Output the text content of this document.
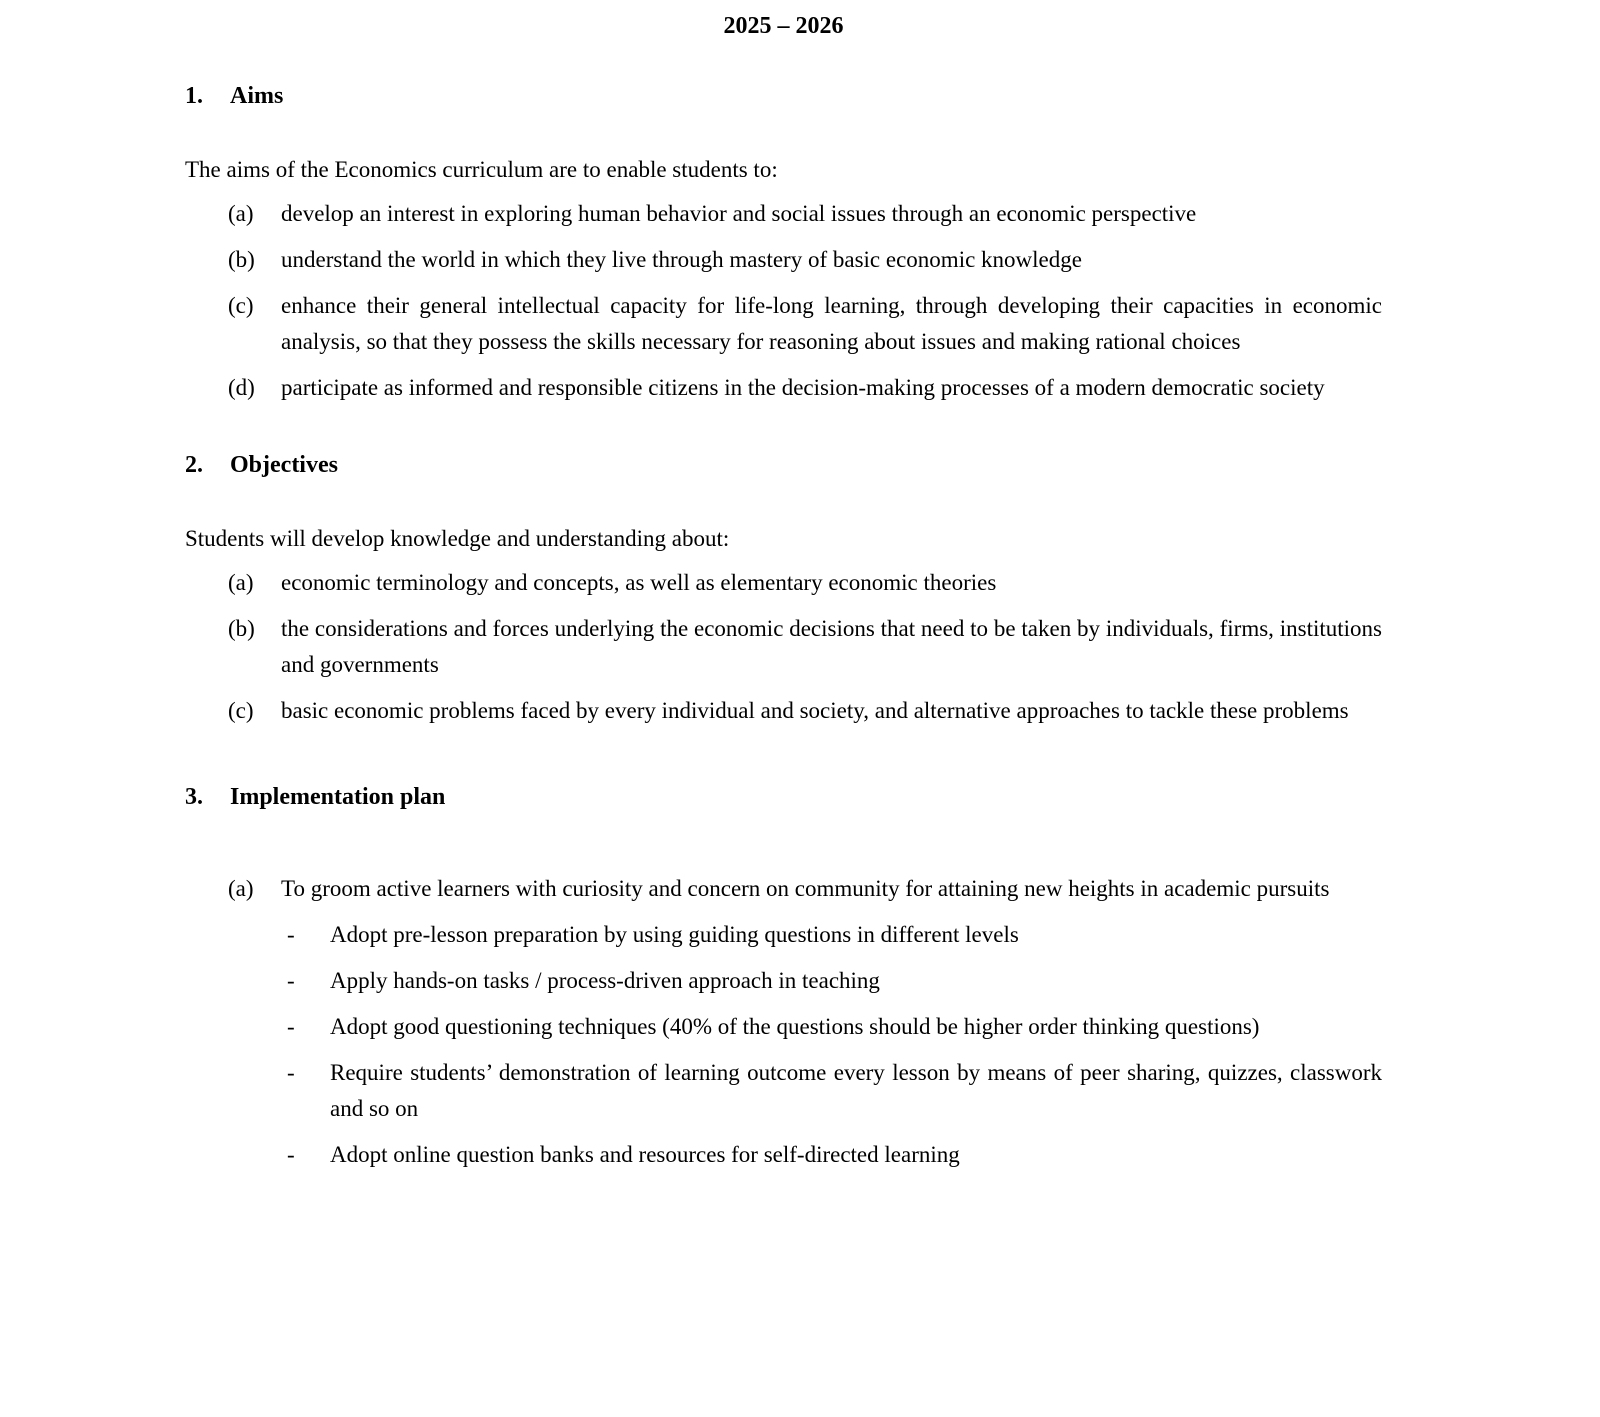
2025 – 2026
1. Aims

The aims of the Economics curriculum are to enable students to:

(a) develop an interest in exploring human behavior and social issues through an economic perspective
(b) understand the world in which they live through mastery of basic economic knowledge
(c) enhance their general intellectual capacity for life-long learning, through developing their capacities in economic analysis, so that they possess the skills necessary for reasoning about issues and making rational choices
(d) participate as informed and responsible citizens in the decision-making processes of a modern democratic society
2. Objectives

Students will develop knowledge and understanding about:

(a) economic terminology and concepts, as well as elementary economic theories
(b) the considerations and forces underlying the economic decisions that need to be taken by individuals, firms, institutions and governments
(c) basic economic problems faced by every individual and society, and alternative approaches to tackle these problems
3. Implementation plan
(a) To groom active learners with curiosity and concern on community for attaining new heights in academic pursuits
- Adopt pre-lesson preparation by using guiding questions in different levels
- Apply hands-on tasks / process-driven approach in teaching
- Adopt good questioning techniques (40% of the questions should be higher order thinking questions)
- Require students’ demonstration of learning outcome every lesson by means of peer sharing, quizzes, classwork and so on
- Adopt online question banks and resources for self-directed learning
